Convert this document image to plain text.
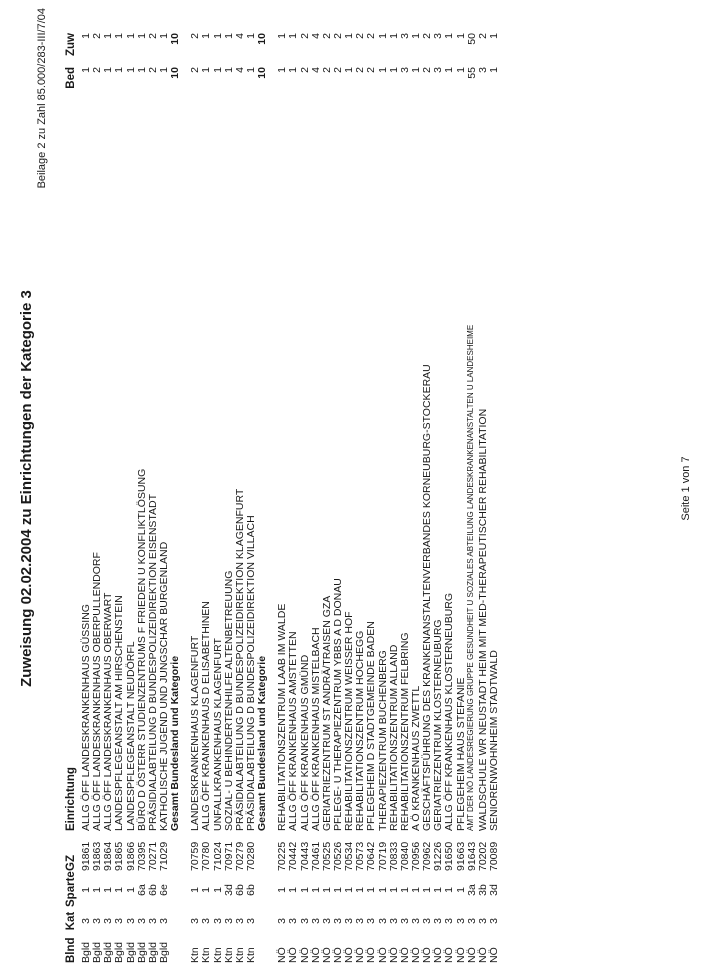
Zuweisung 02.02.2004 zu Einrichtungen der Kategorie 3
Beilage 2 zu Zahl 85.000/283-III/7/04
Blnd
Kat
Sparte
GZ
Einrichtung
Bed
Zuw
Bgld
3
1
91861
ALLG ÖFF LANDESKRANKENHAUS GÜSSING
1
1
Bgld
3
1
91863
ALLG ÖFF LANDESKRANKENHAUS OBERPULLENDORF
2
2
Bgld
3
1
91864
ALLG ÖFF LANDESKRANKENHAUS OBERWART
1
1
Bgld
3
1
91865
LANDESPFLEGEANSTALT AM HIRSCHENSTEIN
1
1
Bgld
3
1
91866
LANDESPFLEGEANSTALT NEUDÖRFL
1
1
Bgld
3
6a
70395
BÜRO D ÖSTERR STUDIENZENTRUMS F FRIEDEN U KONFLIKTLÖSUNG
1
1
Bgld
3
6b
70271
PRÄSIDIALABTEILUNG D BUNDESPOLIZEIDIREKTION EISENSTADT
2
2
Bgld
3
6e
71029
KATHOLISCHE JUGEND UND JUNGSCHAR BURGENLAND
1
1
Gesamt Bundesland und Kategorie
10
10
Ktn
3
1
70759
LANDESKRANKENHAUS KLAGENFURT
2
2
Ktn
3
1
70780
ALLG ÖFF KRANKENHAUS D ELISABETHINEN
1
1
Ktn
3
1
71024
UNFALLKRANKENHAUS KLAGENFURT
1
1
Ktn
3
3d
70971
SOZIAL- U BEHINDERTENHILFE ALTENBETREUUNG
1
1
Ktn
3
6b
70279
PRÄSIDIALABTEILUNG D BUNDESPOLIZEIDIREKTION KLAGENFURT
4
4
Ktn
3
6b
70280
PRÄSIDIALABTEILUNG D BUNDESPOLIZEIDIREKTION VILLACH
1
1
Gesamt Bundesland und Kategorie
10
10
NÖ
3
1
70225
REHABILITATIONSZENTRUM LAAB IM WALDE
1
1
NÖ
3
1
70442
ALLG ÖFF KRANKENHAUS AMSTETTEN
1
1
NÖ
3
1
70443
ALLG ÖFF KRANKENHAUS GMÜND
2
2
NÖ
3
1
70461
ALLG ÖFF KRANKENHAUS MISTELBACH
4
4
NÖ
3
1
70525
GERIATRIEZENTRUM ST ANDRÄ/TRAISEN GZA
2
2
NÖ
3
1
70526
PFLEGE- U THERAPIEZENTRUM YBBS A D DONAU
2
2
NÖ
3
1
70534
REHABILITATIONSZENTRUM WEISSER HOF
1
1
NÖ
3
1
70573
REHABILITATIONSZENTRUM HOCHEGG
2
2
NÖ
3
1
70642
PFLEGEHEIM D STADTGEMEINDE BADEN
2
2
NÖ
3
1
70719
THERAPIEZENTRUM BUCHENBERG
1
1
NÖ
3
1
70833
REHABILITATIONSZENTRUM ALLAND
1
1
NÖ
3
1
70840
REHABILITATIONSZENTRUM FELBRING
3
3
NÖ
3
1
70956
A Ö KRANKENHAUS ZWETTL
1
1
NÖ
3
1
70962
GESCHÄFTSFÜHRUNG DES KRANKENANSTALTENVERBANDES KORNEUBURG-STOCKERAU
2
2
NÖ
3
1
91226
GERIATRIEZENTRUM KLOSTERNEUBURG
3
3
NÖ
3
1
91650
ALLG ÖFF KRANKENHAUS KLOSTERNEUBURG
1
1
NÖ
3
1
91663
PFLEGEHEIM HAUS STEFANIE
1
1
NÖ
3
3a
91643
AMT DER NÖ LANDESREGIERUNG GRUPPE GESUNDHEIT U SOZIALES ABTEILUNG LANDESKRANKENANSTALTEN U LANDESHEIME
55
50
NÖ
3
3b
70202
WALDSCHULE WR NEUSTADT HEIM MIT MED-THERAPEUTISCHER REHABILITATION
3
2
NÖ
3
3d
70089
SENIORENWOHNHEIM STADTWALD
1
1
Seite 1 von 7
